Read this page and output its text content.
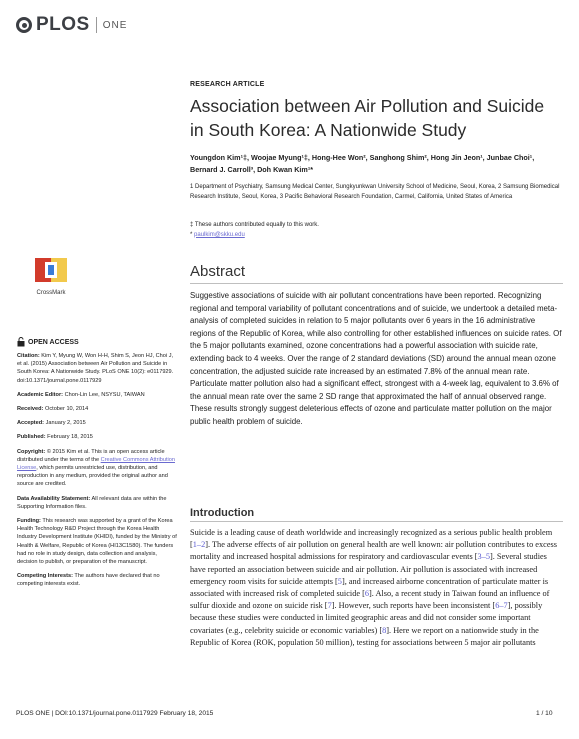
PLOS ONE
RESEARCH ARTICLE
Association between Air Pollution and Suicide in South Korea: A Nationwide Study
Youngdon Kim¹‡, Woojae Myung¹‡, Hong-Hee Won², Sanghong Shim², Hong Jin Jeon¹, Junbae Choi¹, Bernard J. Carroll³, Doh Kwan Kim¹*
1 Department of Psychiatry, Samsung Medical Center, Sungkyunkwan University School of Medicine, Seoul, Korea, 2 Samsung Biomedical Research Institute, Seoul, Korea, 3 Pacific Behavioral Research Foundation, Carmel, California, United States of America
‡ These authors contributed equally to this work.
* paulkim@skku.edu
Abstract
Suggestive associations of suicide with air pollutant concentrations have been reported. Recognizing regional and temporal variability of pollutant concentrations and of suicide, we undertook a detailed meta-analysis of completed suicides in relation to 5 major pollutants over 6 years in the 16 administrative regions of the Republic of Korea, while also controlling for other established influences on suicide rates. Of the 5 major pollutants examined, ozone concentrations had a powerful association with suicide rate, extending back to 4 weeks. Over the range of 2 standard deviations (SD) around the annual mean ozone concentration, the adjusted suicide rate increased by an estimated 7.8% of the annual mean rate. Particulate matter pollution also had a significant effect, strongest with a 4-week lag, equivalent to 3.6% of the annual mean rate over the same 2 SD range that approximated the half of annual observed range. These results strongly suggest deleterious effects of ozone and particulate matter pollution on the major public health problem of suicide.
Introduction
Suicide is a leading cause of death worldwide and increasingly recognized as a serious public health problem [1–2]. The adverse effects of air pollution on general health are well known: air pollution contributes to excess mortality and increased hospital admissions for respiratory and cardiovascular events [3–5]. Several studies have reported an association between suicide and air pollution. Air pollution is associated with increased emergency room visits for suicide attempts [5], and increased airborne concentration of particulate matter is associated with increased risk of completed suicide [6]. Also, a recent study in Taiwan found an influence of sulfur dioxide and ozone on suicide risk [7]. However, such reports have been inconsistent [6–7], possibly because these studies were conducted in limited geographic areas and did not consider some important covariates (e.g., celebrity suicide or economic variables) [8]. Here we report on a nationwide study in the Republic of Korea (ROK, population 50 million), testing for associations between 5 major air pollutants
CrossMark
OPEN ACCESS

Citation: Kim Y, Myung W, Won H-H, Shim S, Jeon HJ, Choi J, et al. (2015) Association between Air Pollution and Suicide in South Korea: A Nationwide Study. PLoS ONE 10(2): e0117929. doi:10.1371/journal.pone.0117929

Academic Editor: Chon-Lin Lee, NSYSU, TAIWAN

Received: October 10, 2014

Accepted: January 2, 2015

Published: February 18, 2015

Copyright: © 2015 Kim et al. This is an open access article distributed under the terms of the Creative Commons Attribution License, which permits unrestricted use, distribution, and reproduction in any medium, provided the original author and source are credited.

Data Availability Statement: All relevant data are within the Supporting Information files.

Funding: This research was supported by a grant of the Korea Health Technology R&D Project through the Korea Health Industry Development Institute (KHIDI), funded by the Ministry of Health & Welfare, Republic of Korea (HI13C1580). The funders had no role in study design, data collection and analysis, decision to publish, or preparation of the manuscript.

Competing Interests: The authors have declared that no competing interests exist.

PLOS ONE | DOI:10.1371/journal.pone.0117929 February 18, 2015	1 / 10
